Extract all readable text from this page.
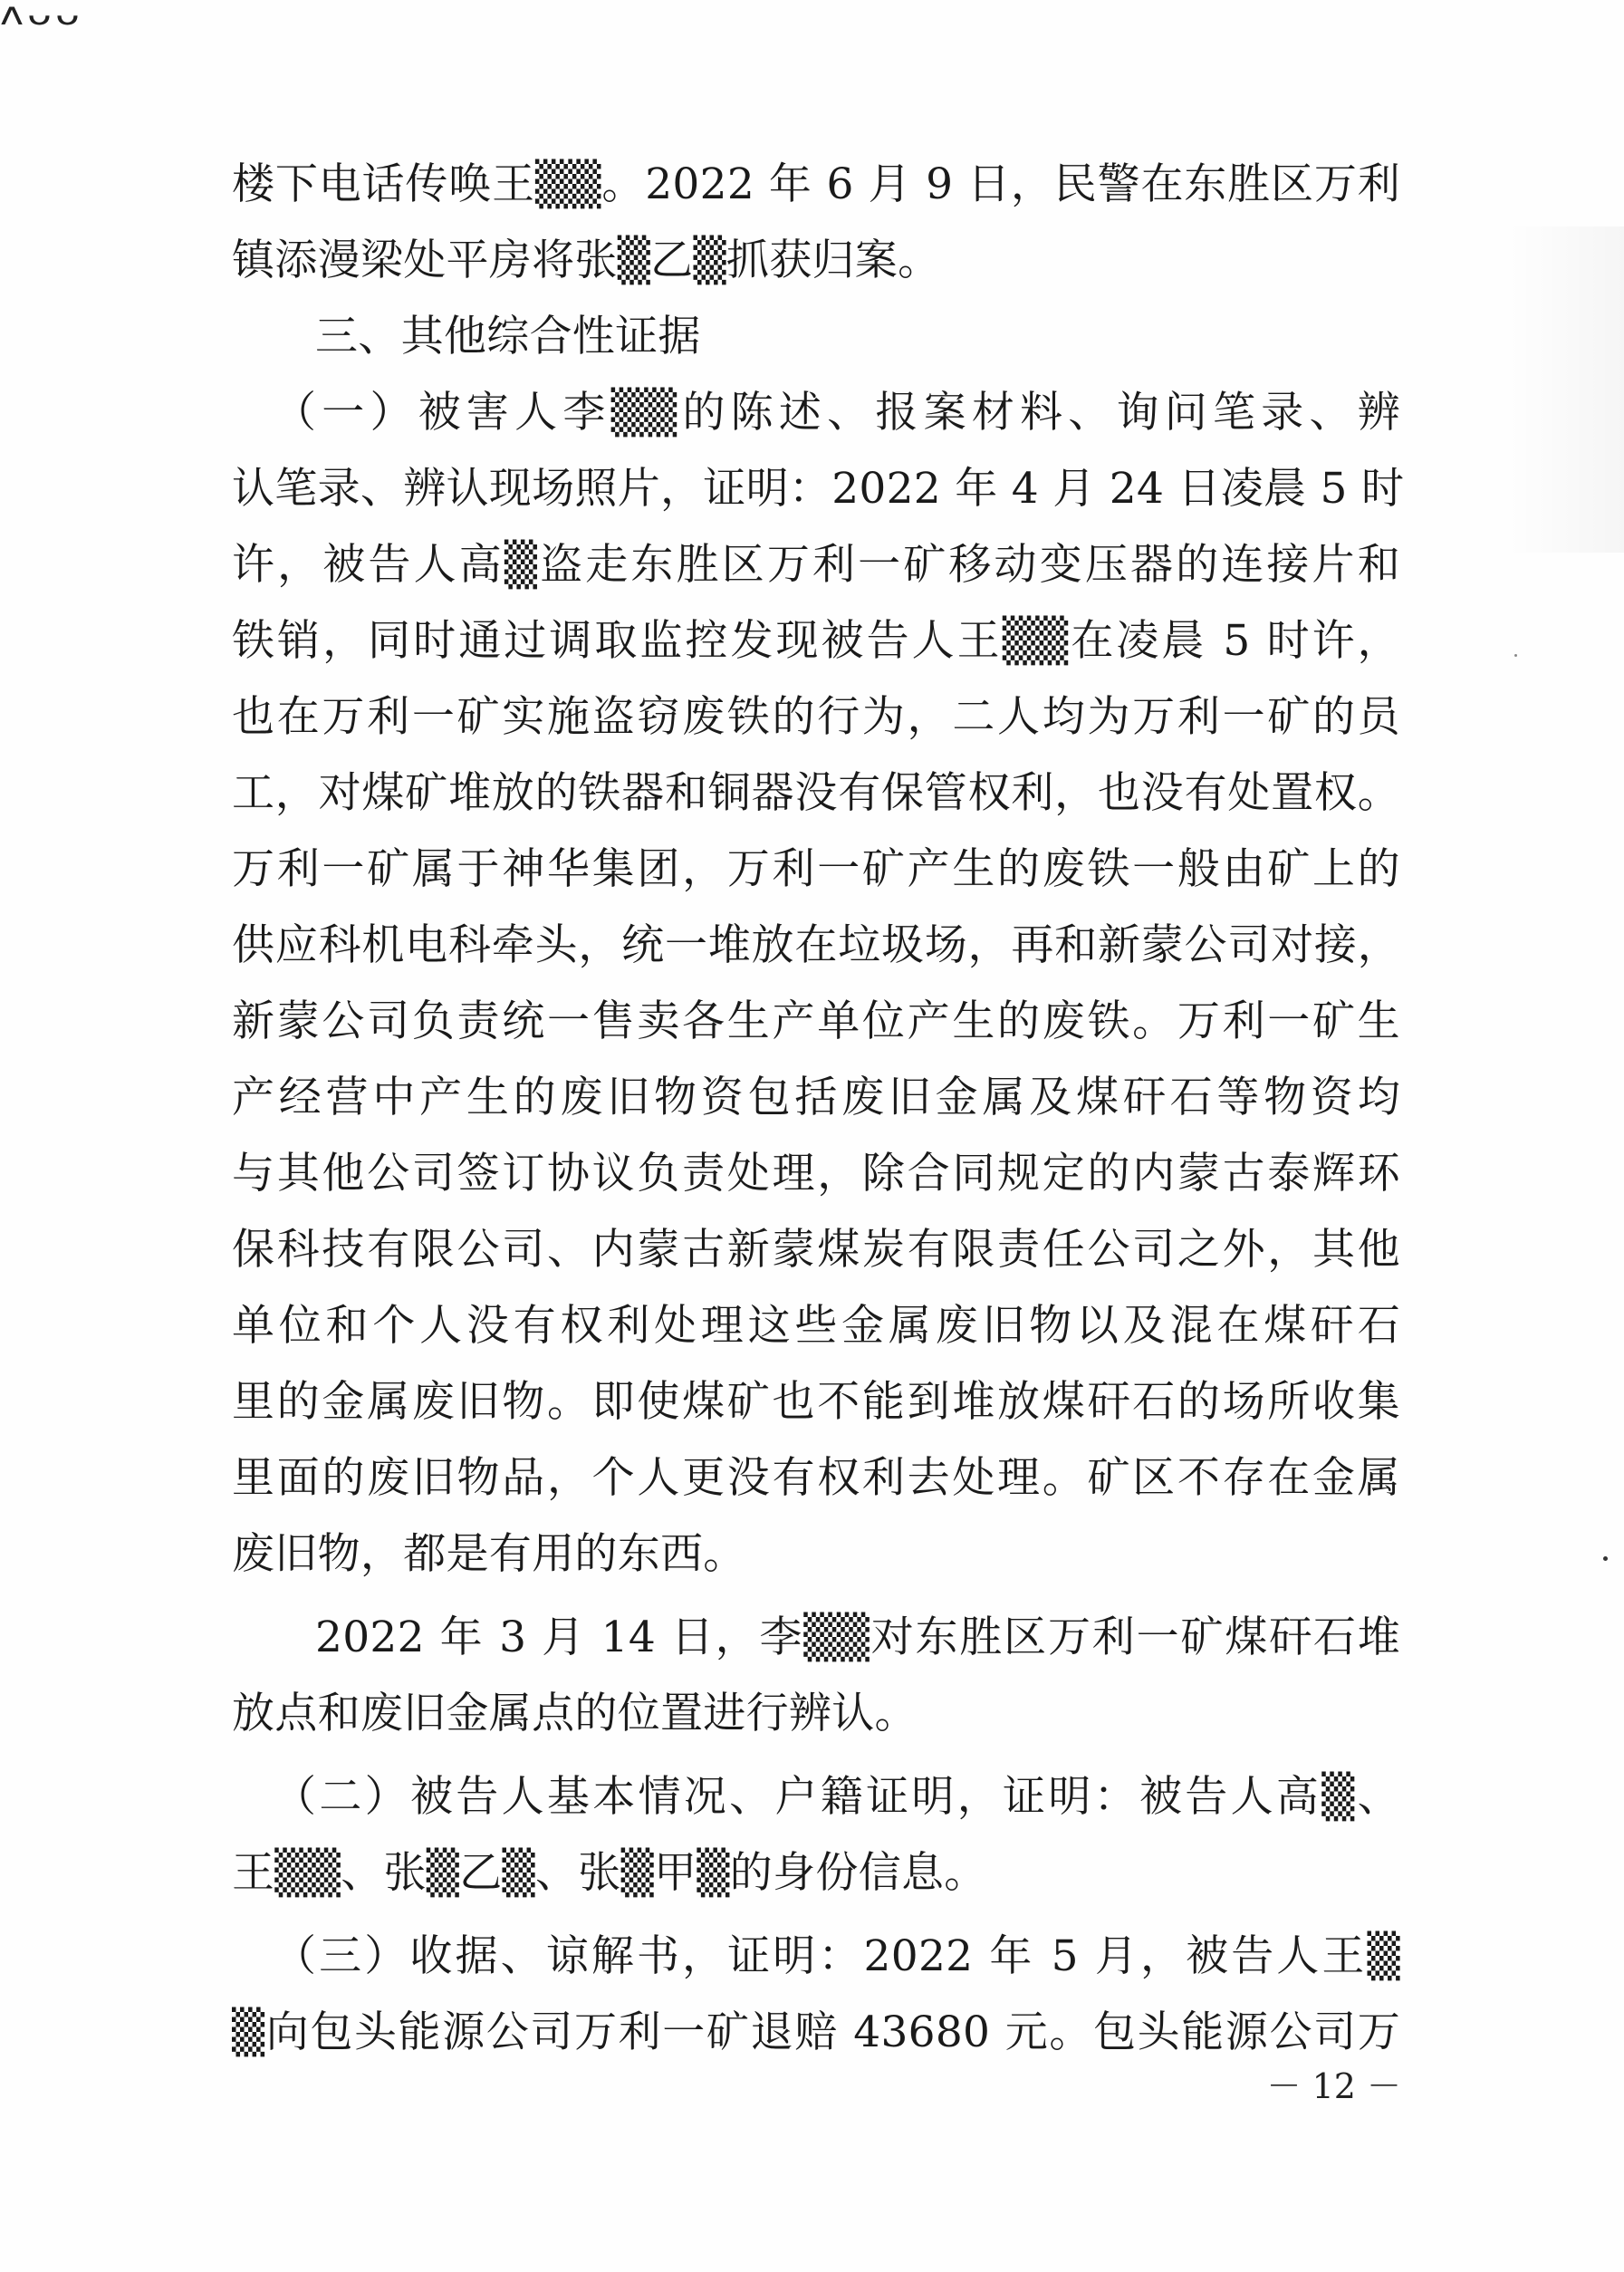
ᴧᴗᴗ
楼下电话传唤王▒▒。2022 年 6 月 9 日，民警在东胜区万利
镇添漫梁处平房将张▒乙▒抓获归案。
三、其他综合性证据
（一）被害人李▒▒的陈述、报案材料、询问笔录、辨
认笔录、辨认现场照片，证明：2022 年 4 月 24 日凌晨 5 时
许，被告人高▒盗走东胜区万利一矿移动变压器的连接片和
铁销，同时通过调取监控发现被告人王▒▒在凌晨 5 时许，
也在万利一矿实施盗窃废铁的行为，二人均为万利一矿的员
工，对煤矿堆放的铁器和铜器没有保管权利，也没有处置权。
万利一矿属于神华集团，万利一矿产生的废铁一般由矿上的
供应科机电科牵头，统一堆放在垃圾场，再和新蒙公司对接，
新蒙公司负责统一售卖各生产单位产生的废铁。万利一矿生
产经营中产生的废旧物资包括废旧金属及煤矸石等物资均
与其他公司签订协议负责处理，除合同规定的内蒙古泰辉环
保科技有限公司、内蒙古新蒙煤炭有限责任公司之外，其他
单位和个人没有权利处理这些金属废旧物以及混在煤矸石
里的金属废旧物。即使煤矿也不能到堆放煤矸石的场所收集
里面的废旧物品，个人更没有权利去处理。矿区不存在金属
废旧物，都是有用的东西。
2022 年 3 月 14 日，李▒▒对东胜区万利一矿煤矸石堆
放点和废旧金属点的位置进行辨认。
（二）被告人基本情况、户籍证明，证明：被告人高▒、
王▒▒、张▒乙▒、张▒甲▒的身份信息。
（三）收据、谅解书，证明：2022 年 5 月，被告人王▒
▒向包头能源公司万利一矿退赔 43680 元。包头能源公司万
－ 12 －
